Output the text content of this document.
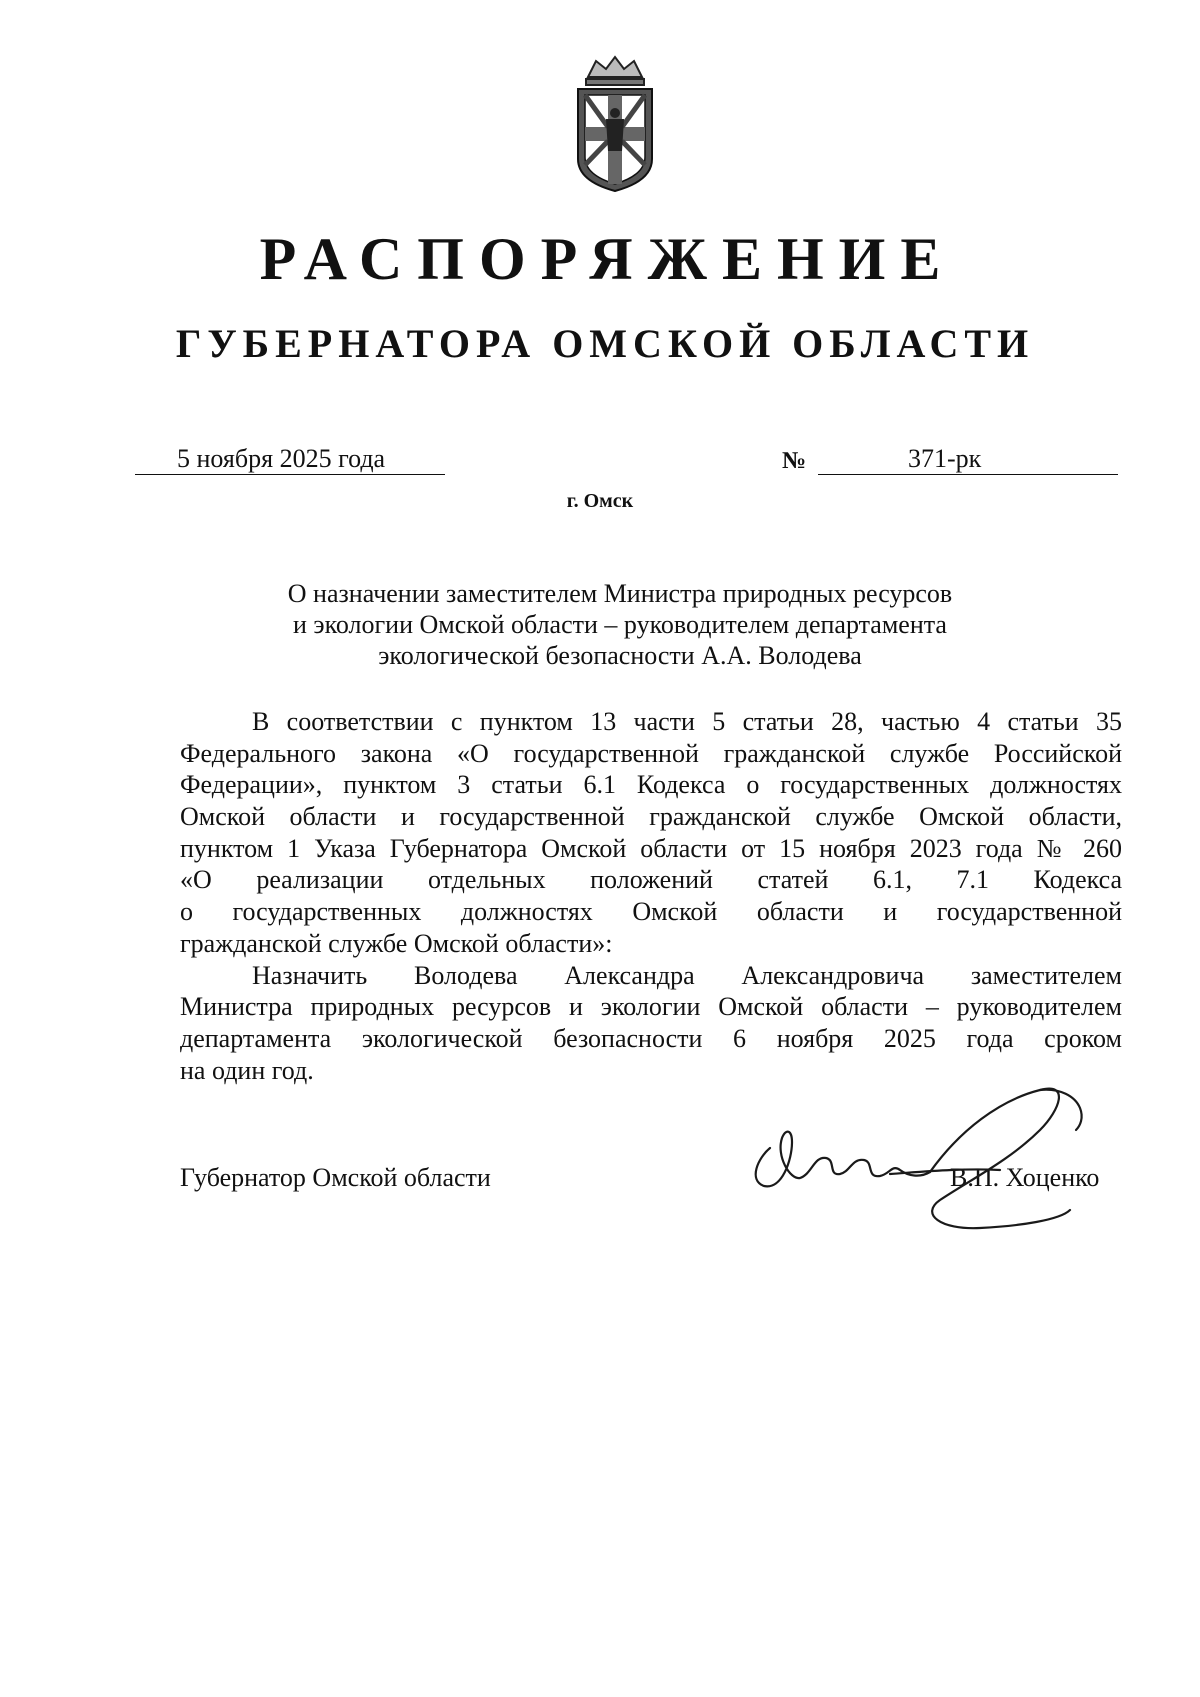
РАСПОРЯЖЕНИЕ
ГУБЕРНАТОРА ОМСКОЙ ОБЛАСТИ
5 ноября 2025 года	№	371-рк
г. Омск
О назначении заместителем Министра природных ресурсов
и экологии Омской области – руководителем департамента
экологической безопасности А.А. Володева
В соответствии с пунктом 13 части 5 статьи 28, частью 4 статьи 35
Федерального закона «О государственной гражданской службе Российской
Федерации», пунктом 3 статьи 6.1 Кодекса о государственных должностях
Омской области и государственной гражданской службе Омской области,
пунктом 1 Указа Губернатора Омской области от 15 ноября 2023 года № 260
«О реализации отдельных положений статей 6.1, 7.1 Кодекса
о государственных должностях Омской области и государственной
гражданской службе Омской области»:
Назначить Володева Александра Александровича заместителем
Министра природных ресурсов и экологии Омской области – руководителем
департамента экологической безопасности 6 ноября 2025 года сроком
на один год.
Губернатор Омской области	В.П. Хоценко
